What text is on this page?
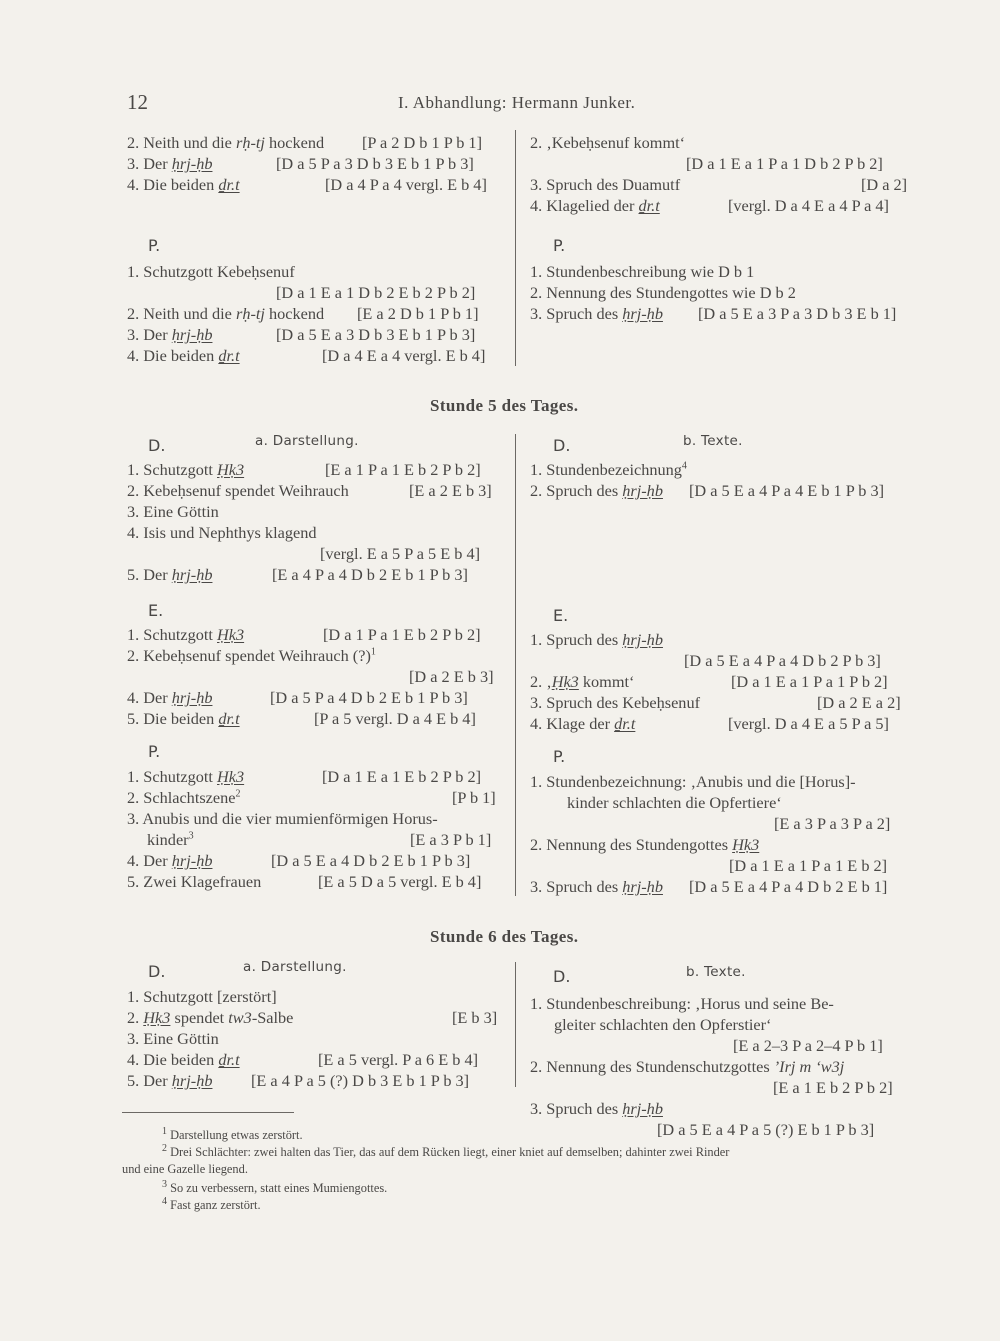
12	I. Abhandlung: Hermann Junker.
2. Neith und die rḥ-tj hockend [P a 2 D b 1 P b 1]
3. Der ḥrj-ḥb	[D a 5 P a 3 D b 3 E b 1 P b 3]
4. Die beiden ḏr.t	[D a 4 P a 4 vergl. E b 4]
P.
1. Schutzgott Kebeḥsenuf
[D a 1 E a 1 D b 2 E b 2 P b 2]
2. Neith und die rḥ-tj hockend [E a 2 D b 1 P b 1]
3. Der ḥrj-ḥb	[D a 5 E a 3 D b 3 E b 1 P b 3]
4. Die beiden ḏr.t	[D a 4 E a 4 vergl. E b 4]
2. ‚Kebeḥsenuf kommt‘
[D a 1 E a 1 P a 1 D b 2 P b 2]
3. Spruch des Duamutf	[D a 2]
4. Klagelied der ḏr.t	[vergl. D a 4 E a 4 P a 4]
P.
1. Stundenbeschreibung wie D b 1
2. Nennung des Stundengottes wie D b 2
3. Spruch des ḥrj-ḥb [D a 5 E a 3 P a 3 D b 3 E b 1]
Stunde 5 des Tages.
D.	a. Darstellung.	D.	b. Texte.
1. Schutzgott Ḥḳ3	[E a 1 P a 1 E b 2 P b 2]
2. Kebeḥsenuf spendet Weihrauch	[E a 2 E b 3]
3. Eine Göttin
4. Isis und Nephthys klagend
[vergl. E a 5 P a 5 E b 4]
5. Der ḥrj-ḥb	[E a 4 P a 4 D b 2 E b 1 P b 3]
1. Stundenbezeichnung$^4$
2. Spruch des ḥrj-ḥb [D a 5 E a 4 P a 4 E b 1 P b 3]
E.
1. Schutzgott Ḥḳ3	[D a 1 P a 1 E b 2 P b 2]
2. Kebeḥsenuf spendet Weihrauch (?)$^1$
[D a 2 E b 3]
4. Der ḥrj-ḥb	[D a 5 P a 4 D b 2 E b 1 P b 3]
5. Die beiden ḏr.t	[P a 5 vergl. D a 4 E b 4]
E.
1. Spruch des ḥrj-ḥb
[D a 5 E a 4 P a 4 D b 2 P b 3]
2. ‚Ḥḳ3 kommt‘	[D a 1 E a 1 P a 1 P b 2]
3. Spruch des Kebeḥsenuf	[D a 2 E a 2]
4. Klage der ḏr.t	[vergl. D a 4 E a 5 P a 5]
P.
1. Schutzgott Ḥḳ3	[D a 1 E a 1 E b 2 P b 2]
2. Schlachtszene$^2$	[P b 1]
3. Anubis und die vier mumienförmigen Horus-
kinder$^3$	[E a 3 P b 1]
4. Der ḥrj-ḥb	[D a 5 E a 4 D b 2 E b 1 P b 3]
5. Zwei Klagefrauen	[E a 5 D a 5 vergl. E b 4]
P.
1. Stundenbezeichnung: ‚Anubis und die [Horus]-
kinder schlachten die Opfertiere‘
[E a 3 P a 3 P a 2]
2. Nennung des Stundengottes Ḥḳ3
[D a 1 E a 1 P a 1 E b 2]
3. Spruch des ḥrj-ḥb [D a 5 E a 4 P a 4 D b 2 E b 1]
Stunde 6 des Tages.
D.	a. Darstellung.	D.	b. Texte.
1. Schutzgott [zerstört]
2. Ḥḳ3 spendet tw3-Salbe	[E b 3]
3. Eine Göttin
4. Die beiden ḏr.t	[E a 5 vergl. P a 6 E b 4]
5. Der ḥrj-ḥb [E a 4 P a 5 (?) D b 3 E b 1 P b 3]
1. Stundenbeschreibung: ‚Horus und seine Be-
gleiter schlachten den Opferstier‘
[E a 2–3 P a 2–4 P b 1]
2. Nennung des Stundenschutzgottes ’Irj m ‘w3j
[E a 1 E b 2 P b 2]
3. Spruch des ḥrj-ḥb
[D a 5 E a 4 P a 5 (?) E b 1 P b 3]
$^1$ Darstellung etwas zerstört.
$^2$ Drei Schlächter: zwei halten das Tier, das auf dem Rücken liegt, einer kniet auf demselben; dahinter zwei Rinder
und eine Gazelle liegend.
$^3$ So zu verbessern, statt eines Mumiengottes.
$^4$ Fast ganz zerstört.
